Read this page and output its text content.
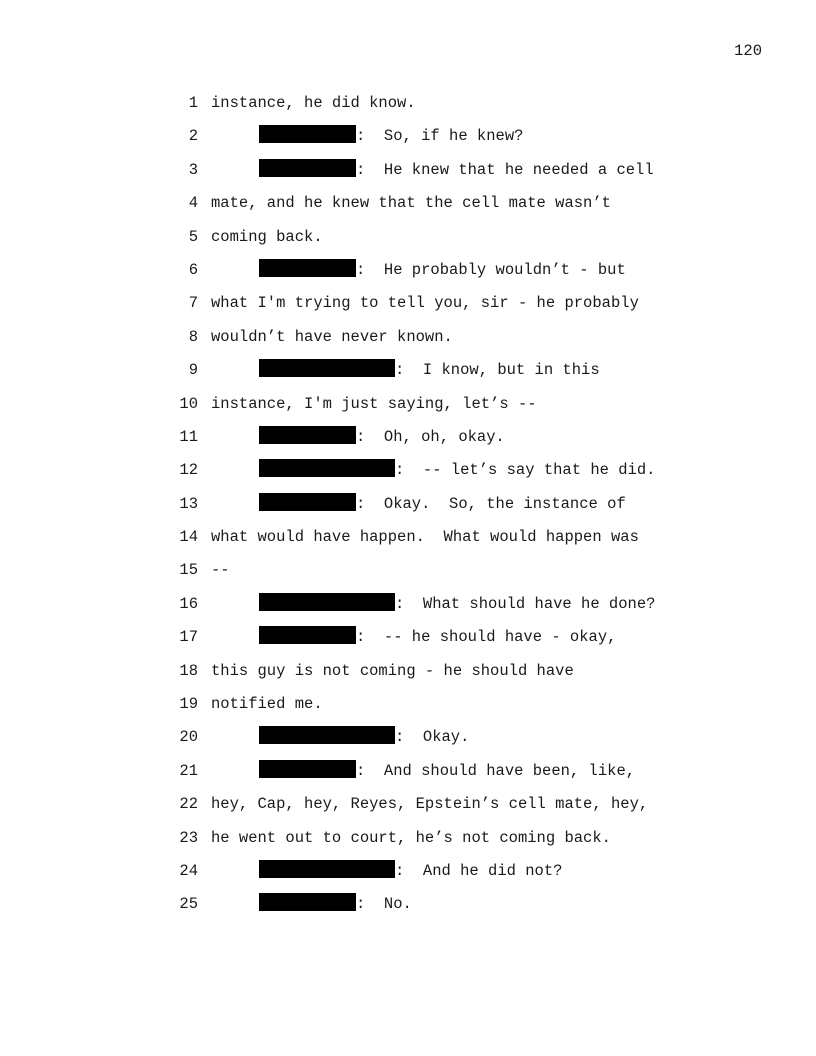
120
1 instance, he did know.
2	:  So, if he knew?
3	:  He knew that he needed a cell
4 mate, and he knew that the cell mate wasn’t
5 coming back.
6	:  He probably wouldn’t - but
7 what I'm trying to tell you, sir - he probably
8 wouldn’t have never known.
9	:  I know, but in this
10 instance, I'm just saying, let’s --
11	:  Oh, oh, okay.
12	:  -- let’s say that he did.
13	:  Okay.  So, the instance of
14 what would have happen.  What would happen was
15 --
16	:  What should have he done?
17	:  -- he should have - okay,
18 this guy is not coming - he should have
19 notified me.
20	:  Okay.
21	:  And should have been, like,
22 hey, Cap, hey, Reyes, Epstein’s cell mate, hey,
23 he went out to court, he’s not coming back.
24	:  And he did not?
25	:  No.
